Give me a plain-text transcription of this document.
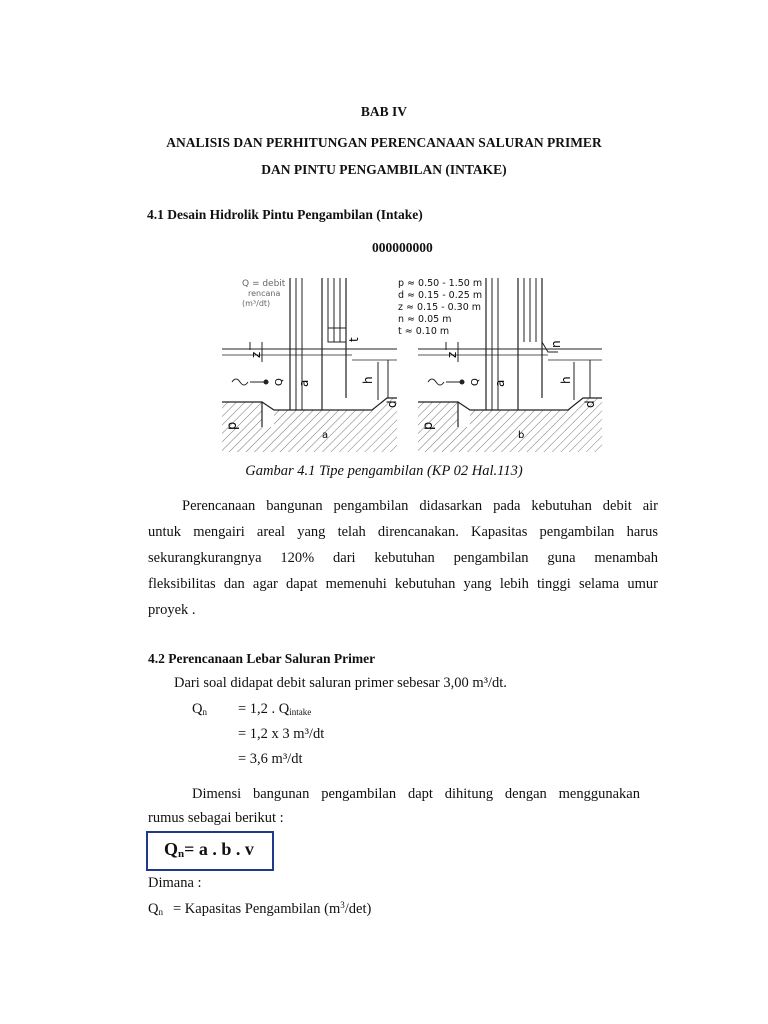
BAB IV
ANALISIS DAN PERHITUNGAN PERENCANAAN SALURAN PRIMER
DAN PINTU PENGAMBILAN (INTAKE)
4.1 Desain Hidrolik Pintu Pengambilan (Intake)
000000000
Q = debit
rencana
(m³/dt)
p
z
a	h
d
t
Q
a
p ≈ 0.50 - 1.50 m
d ≈ 0.15 - 0.25 m
z ≈ 0.15 - 0.30 m
n ≈ 0.05 m
t ≈ 0.10 m
p
z
a	h
d
n
Q
b
Gambar 4.1 Tipe pengambilan (KP 02 Hal.113)
Perencanaan bangunan pengambilan didasarkan pada kebutuhan debit air
untuk mengairi areal yang telah direncanakan. Kapasitas pengambilan harus
sekurangkurangnya 120% dari kebutuhan pengambilan guna menambah
fleksibilitas dan agar dapat memenuhi kebutuhan yang lebih tinggi selama umur
proyek .
4.2 Perencanaan Lebar Saluran Primer
Dari soal didapat debit saluran primer sebesar 3,00 m³/dt.
$Q_n = 1,2$ . $Q_{intake}$
= 1,2 x 3 m³/dt
= 3,6 m³/dt
Dimensi bangunan pengambilan dapt dihitung dengan menggunakan
rumus sebagai berikut :
$Q_n= a$ . b . v
Dimana :
$Q_n$ = Kapasitas Pengambilan $(m^3/\det)$
